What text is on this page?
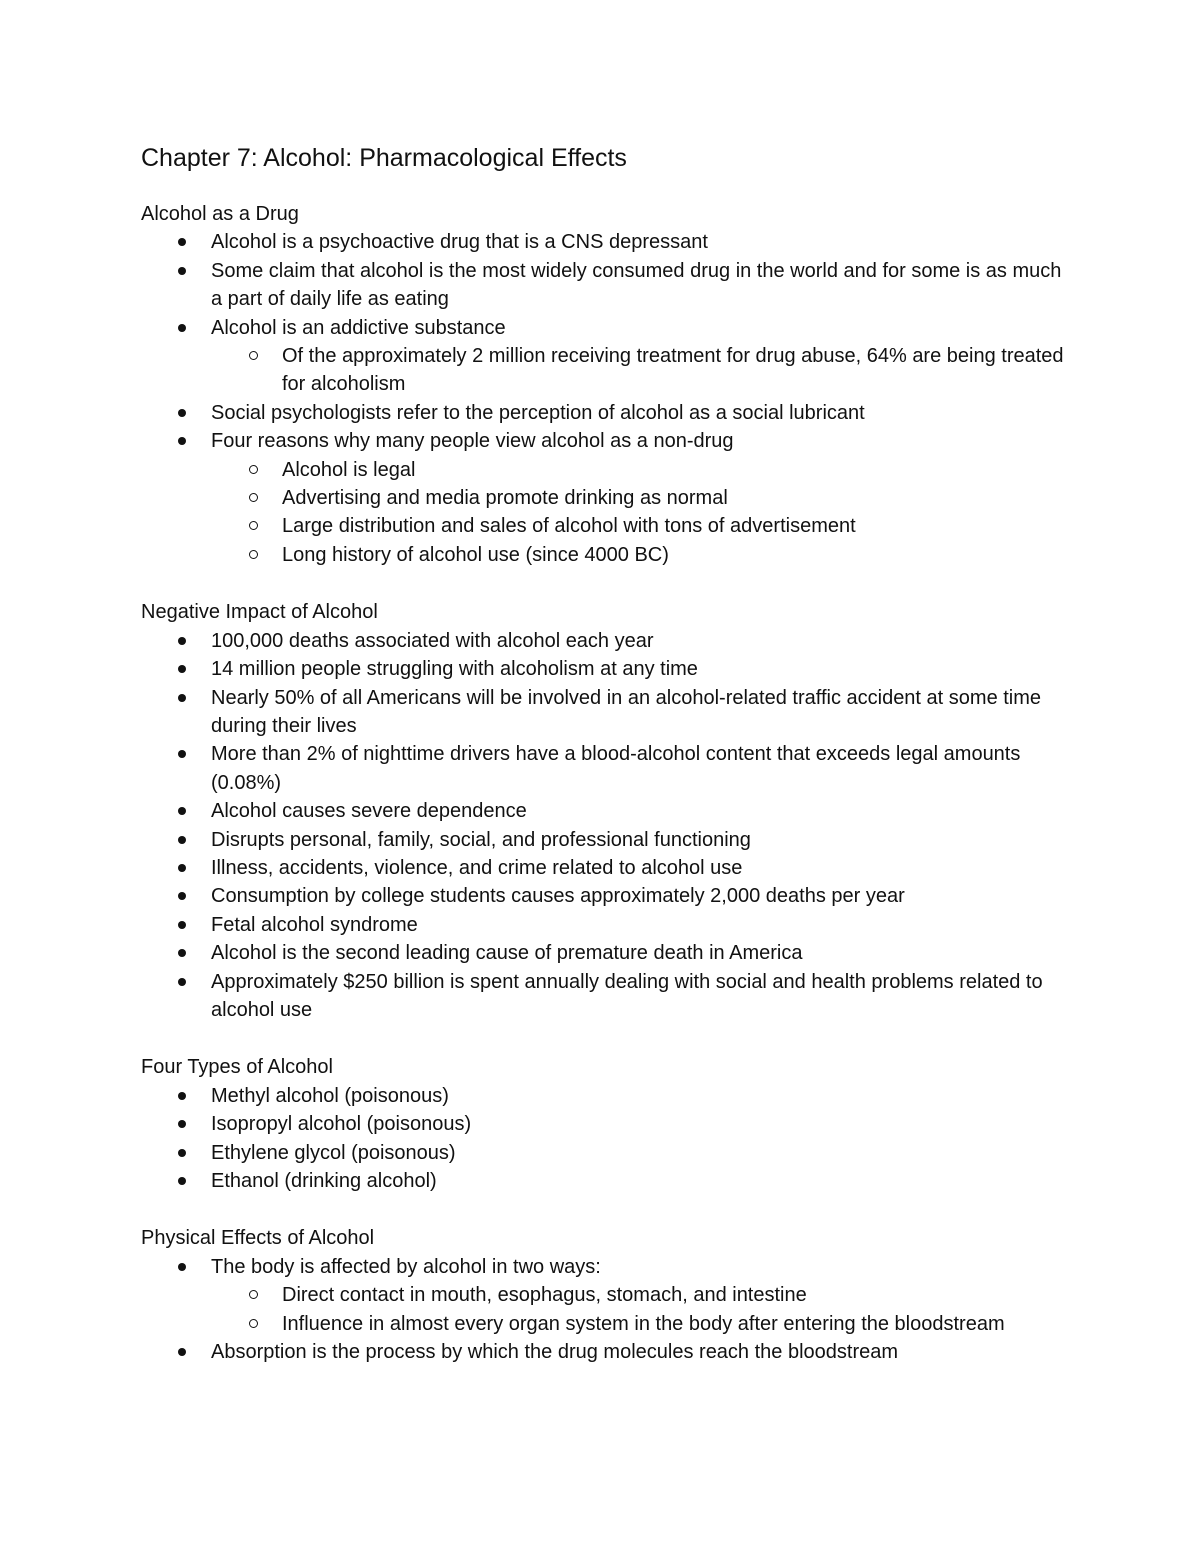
Chapter 7: Alcohol: Pharmacological Effects
Alcohol as a Drug
Alcohol is a psychoactive drug that is a CNS depressant
Some claim that alcohol is the most widely consumed drug in the world and for some is as much a part of daily life as eating
Alcohol is an addictive substance
Of the approximately 2 million receiving treatment for drug abuse, 64% are being treated for alcoholism
Social psychologists refer to the perception of alcohol as a social lubricant
Four reasons why many people view alcohol as a non-drug
Alcohol is legal
Advertising and media promote drinking as normal
Large distribution and sales of alcohol with tons of advertisement
Long history of alcohol use (since 4000 BC)
Negative Impact of Alcohol
100,000 deaths associated with alcohol each year
14 million people struggling with alcoholism at any time
Nearly 50% of all Americans will be involved in an alcohol-related traffic accident at some time during their lives
More than 2% of nighttime drivers have a blood-alcohol content that exceeds legal amounts (0.08%)
Alcohol causes severe dependence
Disrupts personal, family, social, and professional functioning
Illness, accidents, violence, and crime related to alcohol use
Consumption by college students causes approximately 2,000 deaths per year
Fetal alcohol syndrome
Alcohol is the second leading cause of premature death in America
Approximately $250 billion is spent annually dealing with social and health problems related to alcohol use
Four Types of Alcohol
Methyl alcohol (poisonous)
Isopropyl alcohol (poisonous)
Ethylene glycol (poisonous)
Ethanol (drinking alcohol)
Physical Effects of Alcohol
The body is affected by alcohol in two ways:
Direct contact in mouth, esophagus, stomach, and intestine
Influence in almost every organ system in the body after entering the bloodstream
Absorption is the process by which the drug molecules reach the bloodstream
